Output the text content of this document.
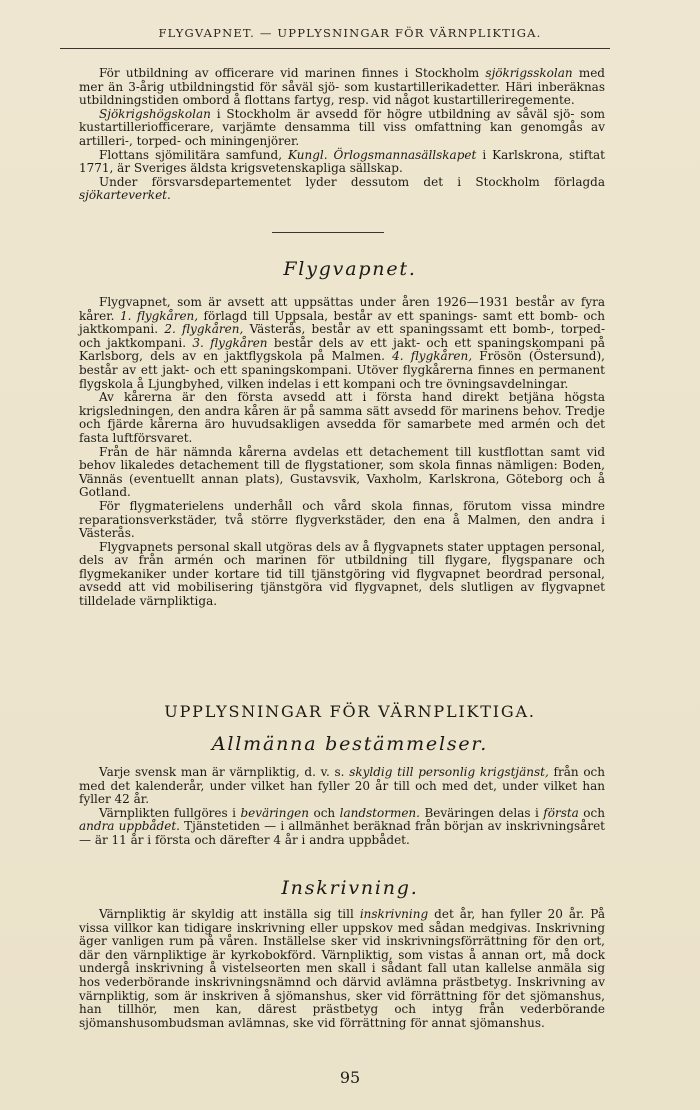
FLYGVAPNET. — UPPLYSNINGAR FÖR VÄRNPLIKTIGA.

För utbildning av officerare vid marinen finnes i Stockholm sjökrigsskolan med mer än 3-årig utbildningstid för såväl sjö- som kustartillerikadetter. Häri inberäknas utbildningstiden ombord å flottans fartyg, resp. vid något kustartilleriregemente.

Sjökrigshögskolan i Stockholm är avsedd för högre utbildning av såväl sjö- som kustartilleriofficerare, varjämte densamma till viss omfattning kan genomgås av artilleri-, torped- och miningenjörer.

Flottans sjömilitära samfund, Kungl. Örlogsmannasällskapet i Karlskrona, stiftat 1771, är Sveriges äldsta krigsvetenskapliga sällskap.

Under försvarsdepartementet lyder dessutom det i Stockholm förlagda sjökarteverket.

Flygvapnet.

Flygvapnet, som är avsett att uppsättas under åren 1926—1931 består av fyra kårer. 1. flygkåren, förlagd till Uppsala, består av ett spanings- samt ett bomb- och jaktkompani. 2. flygkåren, Västerås, består av ett spaningssamt ett bomb-, torped- och jaktkompani. 3. flygkåren består dels av ett jakt- och ett spaningskompani på Karlsborg, dels av en jaktflygskola på Malmen. 4. flygkåren, Frösön (Östersund), består av ett jakt- och ett spaningskompani. Utöver flygkårerna finnes en permanent flygskola å Ljungbyhed, vilken indelas i ett kompani och tre övningsavdelningar.

Av kårerna är den första avsedd att i första hand direkt betjäna högsta krigsledningen, den andra kåren är på samma sätt avsedd för marinens behov. Tredje och fjärde kårerna äro huvudsakligen avsedda för samarbete med armén och det fasta luftförsvaret.

Från de här nämnda kårerna avdelas ett detachement till kustflottan samt vid behov likaledes detachement till de flygstationer, som skola finnas nämligen: Boden, Vännäs (eventuellt annan plats), Gustavsvik, Vaxholm, Karlskrona, Göteborg och å Gotland.

För flygmaterielens underhåll och vård skola finnas, förutom vissa mindre reparationsverkstäder, två större flygverkstäder, den ena å Malmen, den andra i Västerås.

Flygvapnets personal skall utgöras dels av å flygvapnets stater upptagen personal, dels av från armén och marinen för utbildning till flygare, flygspanare och flygmekaniker under kortare tid till tjänstgöring vid flygvapnet beordrad personal, avsedd att vid mobilisering tjänstgöra vid flygvapnet, dels slutligen av flygvapnet tilldelade värnpliktiga.

UPPLYSNINGAR FÖR VÄRNPLIKTIGA.
Allmänna bestämmelser.

Varje svensk man är värnpliktig, d. v. s. skyldig till personlig krigstjänst, från och med det kalenderår, under vilket han fyller 20 år till och med det, under vilket han fyller 42 år.

Värnplikten fullgöres i beväringen och landstormen. Beväringen delas i första och andra uppbådet. Tjänstetiden — i allmänhet beräknad från början av inskrivningsåret — är 11 år i första och därefter 4 år i andra uppbådet.

Inskrivning.

Värnpliktig är skyldig att inställa sig till inskrivning det år, han fyller 20 år. På vissa villkor kan tidigare inskrivning eller uppskov med sådan medgivas. Inskrivning äger vanligen rum på våren. Inställelse sker vid inskrivningsförrättning för den ort, där den värnpliktige är kyrkobokförd. Värnpliktig, som vistas å annan ort, må dock undergå inskrivning å vistelseorten men skall i sådant fall utan kallelse anmäla sig hos vederbörande inskrivningsnämnd och därvid avlämna prästbetyg. Inskrivning av värnpliktig, som är inskriven å sjömanshus, sker vid förrättning för det sjömanshus, han tillhör, men kan, därest prästbetyg och intyg från vederbörande sjömanshusombudsman avlämnas, ske vid förrättning för annat sjömanshus.

95
